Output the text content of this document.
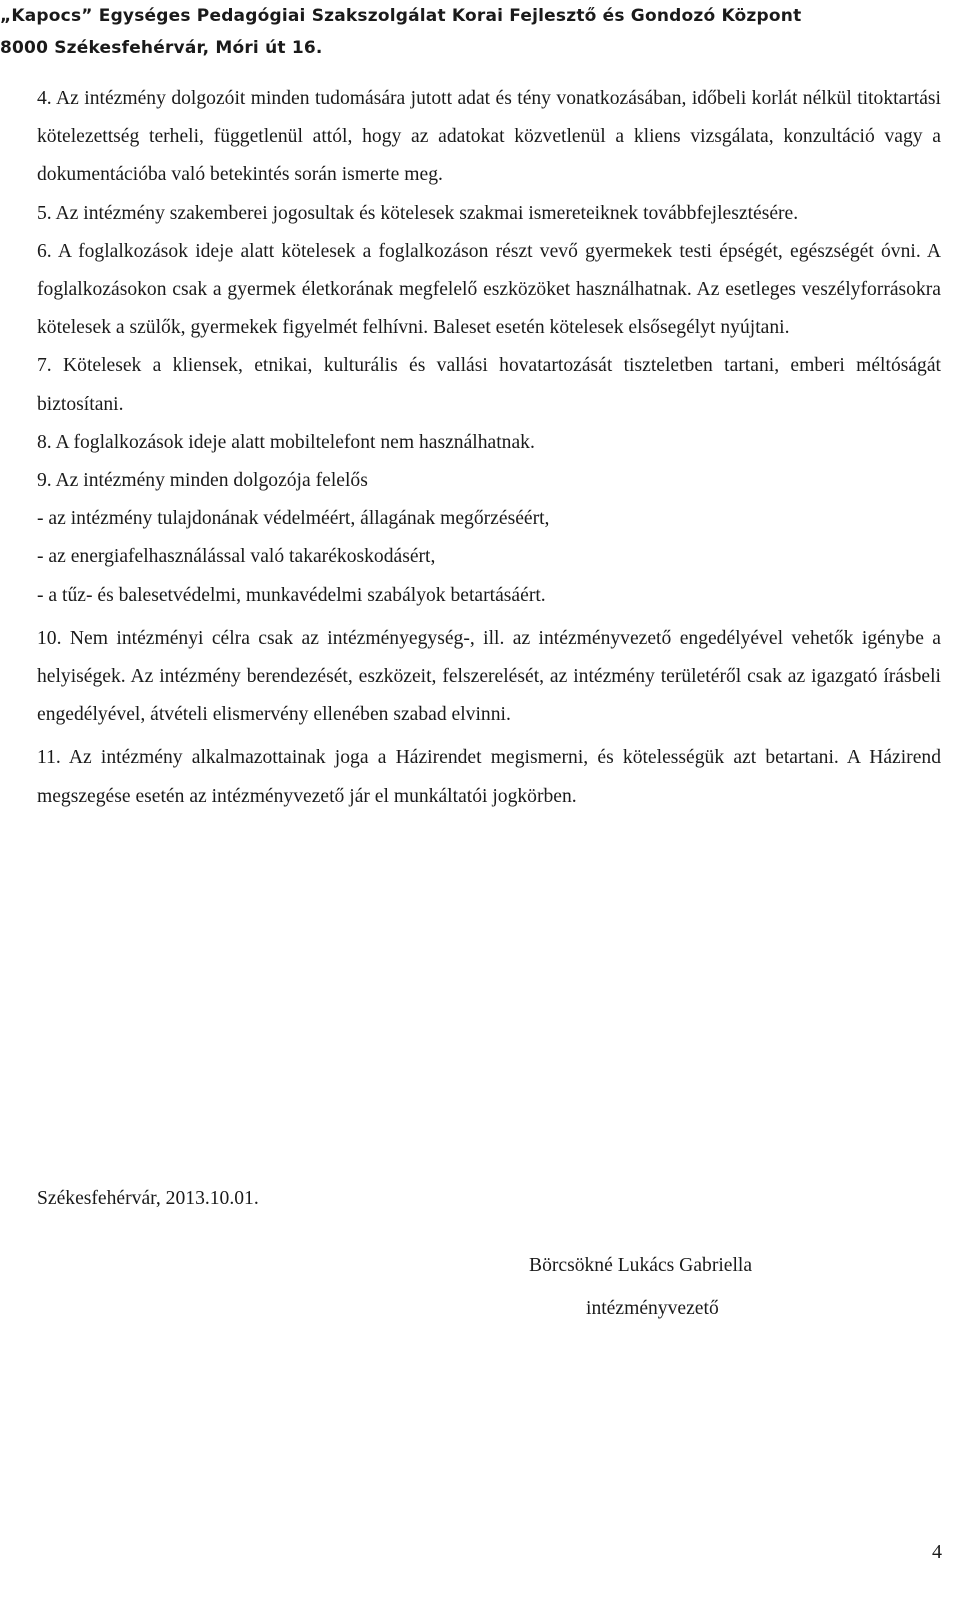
„Kapocs” Egységes Pedagógiai Szakszolgálat Korai Fejlesztő és Gondozó Központ
8000 Székesfehérvár, Móri út 16.

4. Az intézmény dolgozóit minden tudomására jutott adat és tény vonatkozásában, időbeli korlát nélkül titoktartási kötelezettség terheli, függetlenül attól, hogy az adatokat közvetlenül a kliens vizsgálata, konzultáció vagy a dokumentációba való betekintés során ismerte meg.

5. Az intézmény szakemberei jogosultak és kötelesek szakmai ismereteiknek továbbfejlesztésére.

6. A foglalkozások ideje alatt kötelesek a foglalkozáson részt vevő gyermekek testi épségét, egészségét óvni. A foglalkozásokon csak a gyermek életkorának megfelelő eszközöket használhatnak. Az esetleges veszélyforrásokra kötelesek a szülők, gyermekek figyelmét felhívni. Baleset esetén kötelesek elsősegélyt nyújtani.

7. Kötelesek a kliensek, etnikai, kulturális és vallási hovatartozását tiszteletben tartani, emberi méltóságát biztosítani.

8. A foglalkozások ideje alatt mobiltelefont nem használhatnak.

9. Az intézmény minden dolgozója felelős

- az intézmény tulajdonának védelméért, állagának megőrzéséért,

- az energiafelhasználással való takarékoskodásért,

- a tűz- és balesetvédelmi, munkavédelmi szabályok betartásáért.

10. Nem intézményi célra csak az intézményegység-, ill. az intézményvezető engedélyével vehetők igénybe a helyiségek. Az intézmény berendezését, eszközeit, felszerelését, az intézmény területéről csak az igazgató írásbeli engedélyével, átvételi elismervény ellenében szabad elvinni.

11. Az intézmény alkalmazottainak joga a Házirendet megismerni, és kötelességük azt betartani. A Házirend megszegése esetén az intézményvezető jár el munkáltatói jogkörben.

Székesfehérvár, 2013.10.01.
Börcsökné Lukács Gabriella
intézményvezető
4
